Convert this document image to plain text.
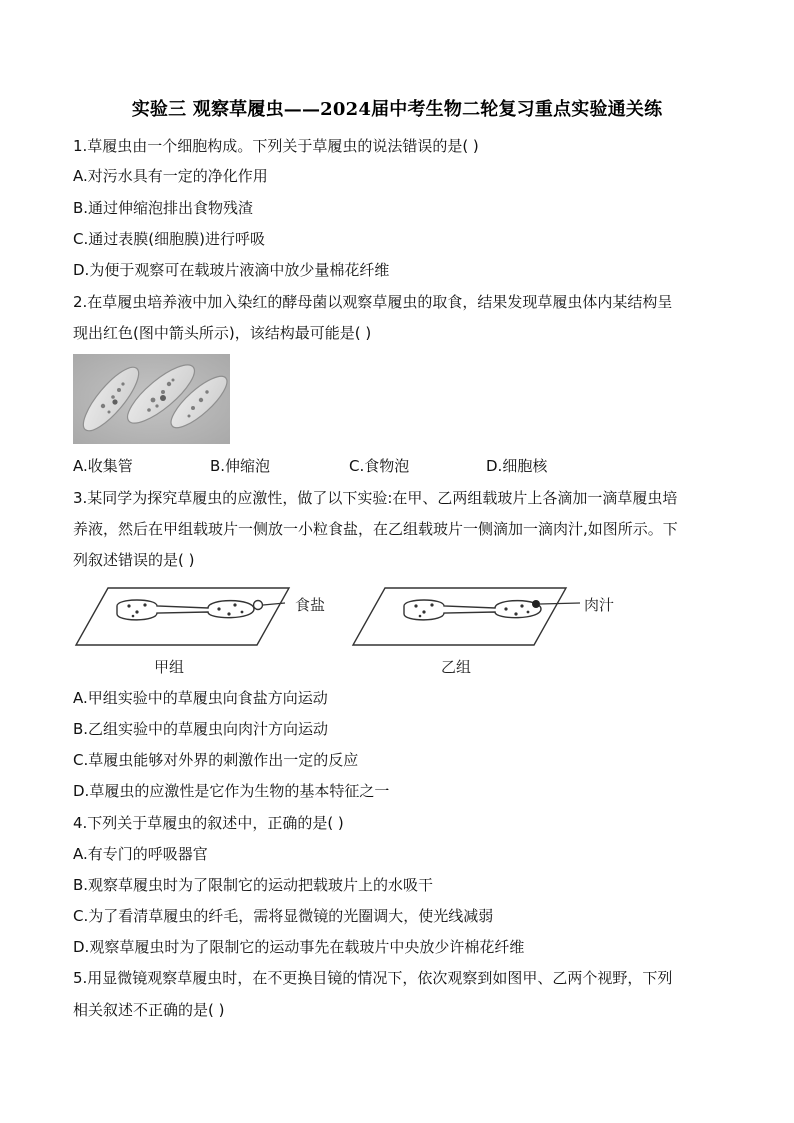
实验三 观察草履虫——2024届中考生物二轮复习重点实验通关练
1.草履虫由一个细胞构成。下列关于草履虫的说法错误的是( )
A.对污水具有一定的净化作用
B.通过伸缩泡排出食物残渣
C.通过表膜(细胞膜)进行呼吸
D.为便于观察可在载玻片液滴中放少量棉花纤维
2.在草履虫培养液中加入染红的酵母菌以观察草履虫的取食，结果发现草履虫体内某结构呈
现出红色(图中箭头所示)，该结构最可能是( )
A.收集管	B.伸缩泡	C.食物泡	D.细胞核
3.某同学为探究草履虫的应激性，做了以下实验:在甲、乙两组载玻片上各滴加一滴草履虫培
养液，然后在甲组载玻片一侧放一小粒食盐，在乙组载玻片一侧滴加一滴肉汁,如图所示。下
列叙述错误的是( )
食盐	肉汁
甲组	乙组
A.甲组实验中的草履虫向食盐方向运动
B.乙组实验中的草履虫向肉汁方向运动
C.草履虫能够对外界的刺激作出一定的反应
D.草履虫的应激性是它作为生物的基本特征之一
4.下列关于草履虫的叙述中，正确的是( )
A.有专门的呼吸器官
B.观察草履虫时为了限制它的运动把载玻片上的水吸干
C.为了看清草履虫的纤毛，需将显微镜的光圈调大，使光线减弱
D.观察草履虫时为了限制它的运动事先在载玻片中央放少许棉花纤维
5.用显微镜观察草履虫时，在不更换目镜的情况下，依次观察到如图甲、乙两个视野，下列
相关叙述不正确的是( )
